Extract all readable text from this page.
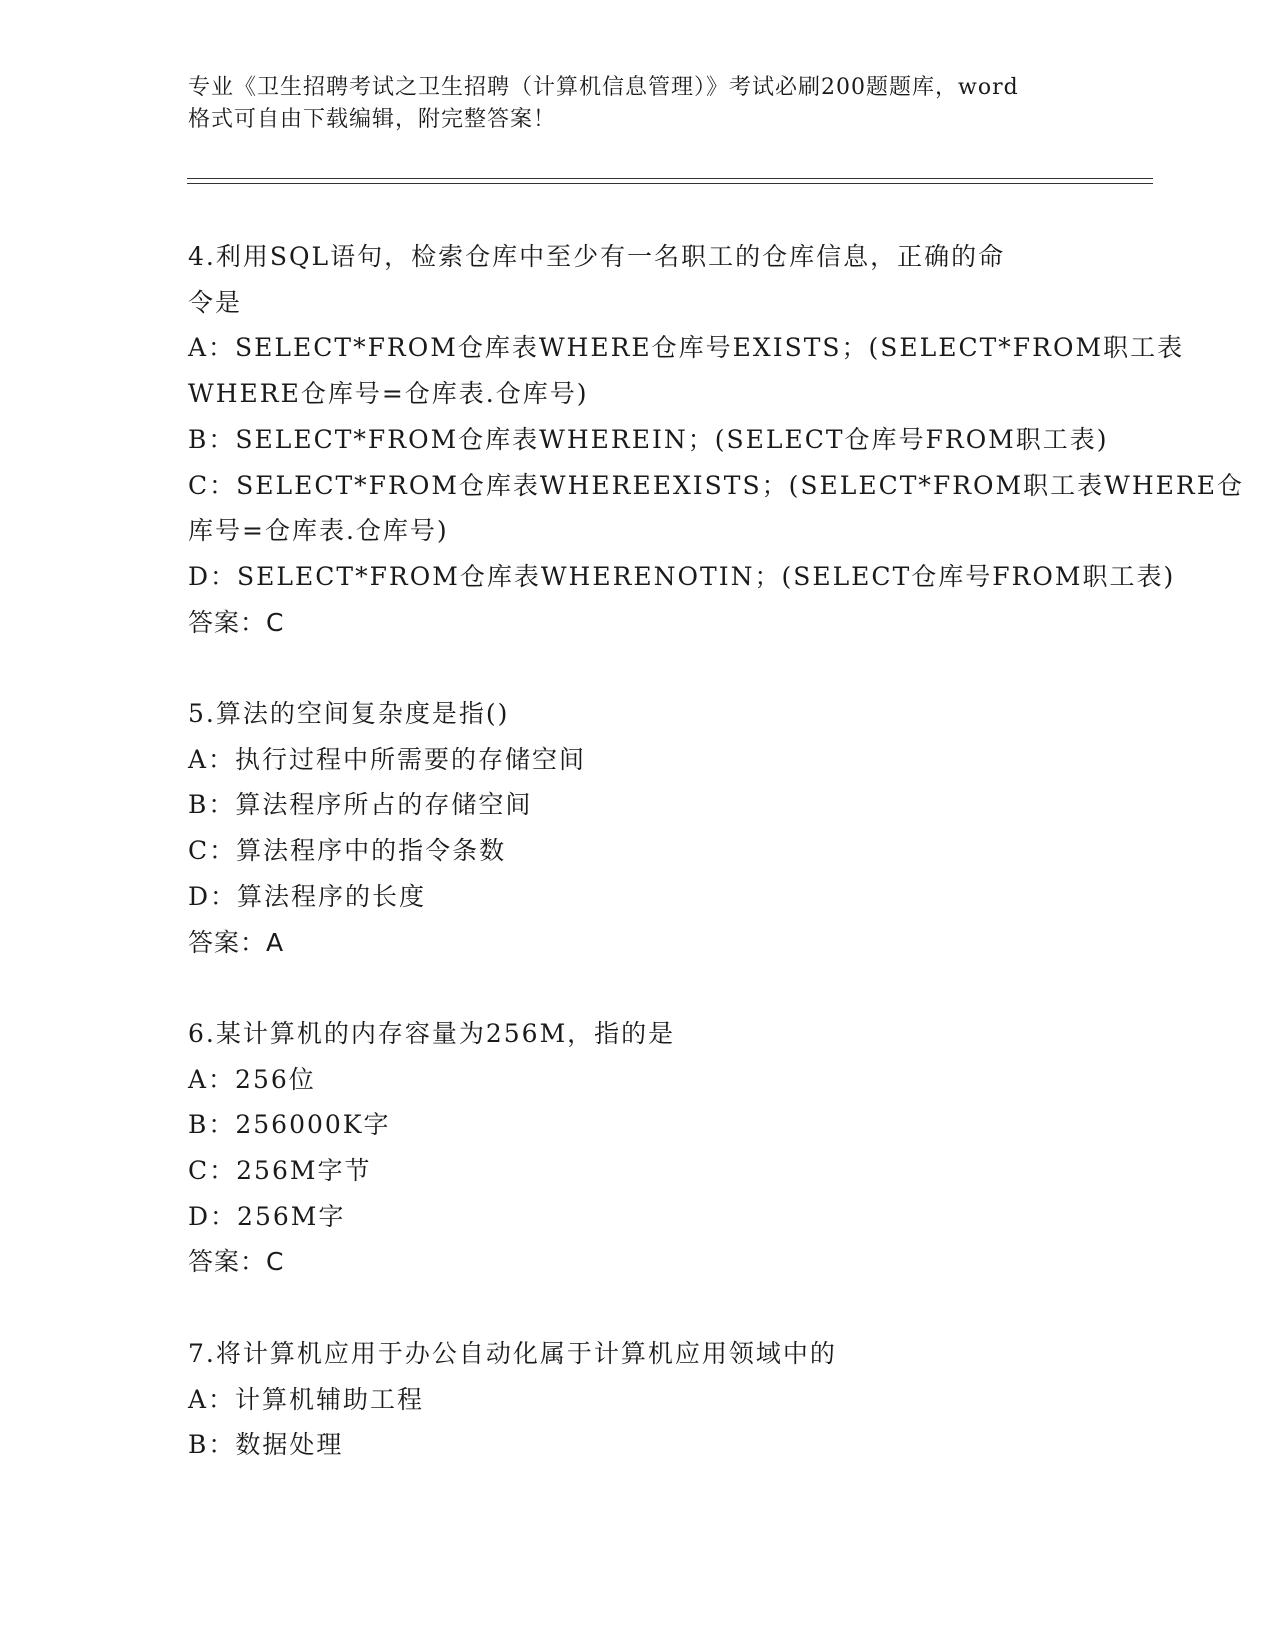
专业《卫生招聘考试之卫生招聘（计算机信息管理）》考试必刷200题题库，word
格式可自由下载编辑，附完整答案！
4.利用SQL语句，检索仓库中至少有一名职工的仓库信息，正确的命
令是
A：SELECT*FROM仓库表WHERE仓库号EXISTS；(SELECT*FROM职工表
WHERE仓库号=仓库表.仓库号)
B：SELECT*FROM仓库表WHEREIN；(SELECT仓库号FROM职工表)
C：SELECT*FROM仓库表WHEREEXISTS；(SELECT*FROM职工表WHERE仓
库号=仓库表.仓库号)
D：SELECT*FROM仓库表WHERENOTIN；(SELECT仓库号FROM职工表)
答案：C
5.算法的空间复杂度是指()
A：执行过程中所需要的存储空间
B：算法程序所占的存储空间
C：算法程序中的指令条数
D：算法程序的长度
答案：A
6.某计算机的内存容量为256M，指的是
A：256位
B：256000K字
C：256M字节
D：256M字
答案：C
7.将计算机应用于办公自动化属于计算机应用领域中的
A：计算机辅助工程
B：数据处理
